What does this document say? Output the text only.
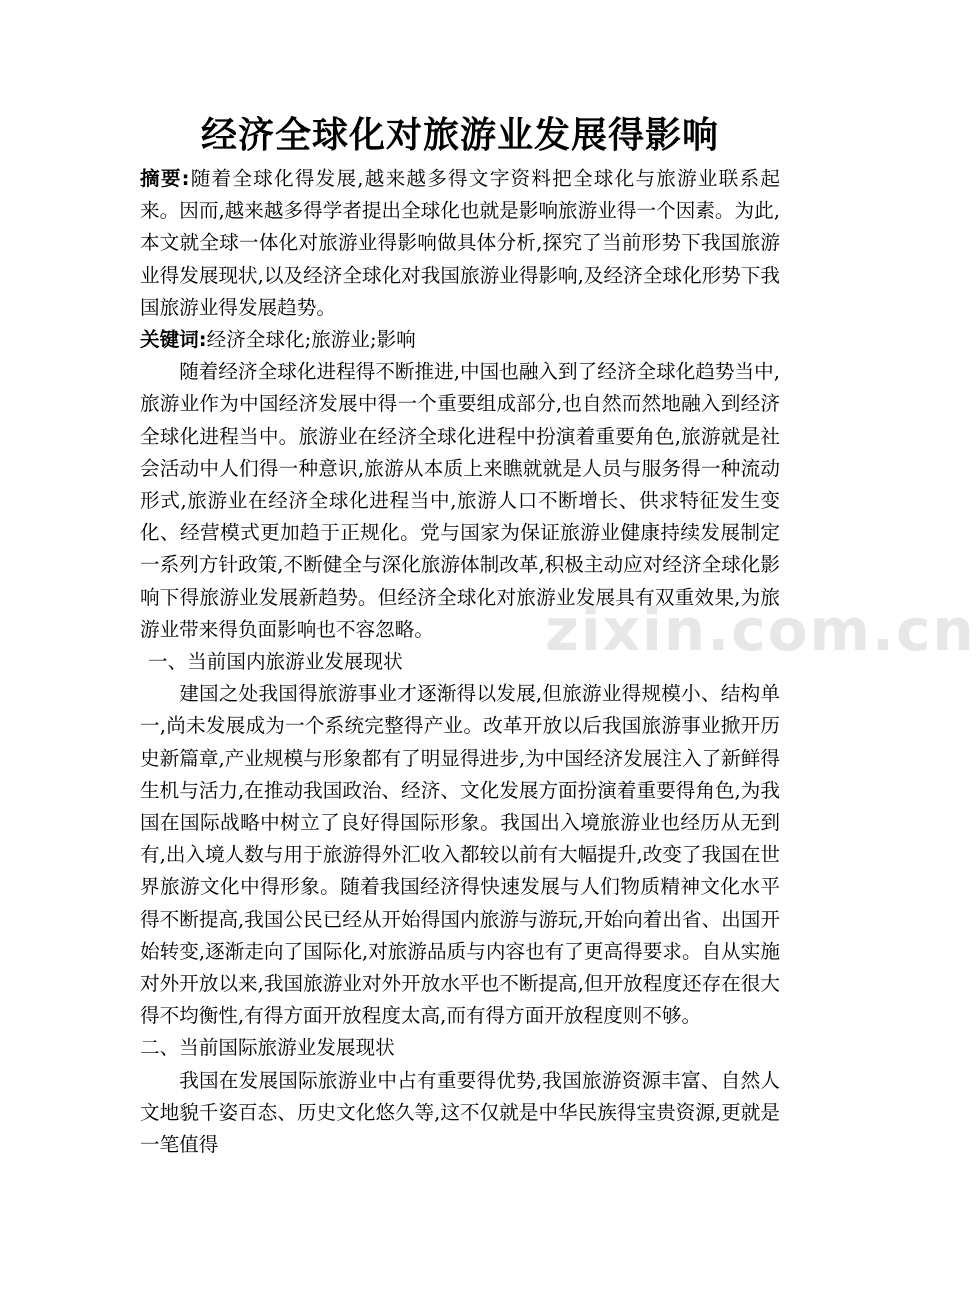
经济全球化对旅游业发展得影响

摘要:随着全球化得发展,越来越多得文字资料把全球化与旅游业联系起来。因而,越来越多得学者提出全球化也就是影响旅游业得一个因素。为此,本文就全球一体化对旅游业得影响做具体分析,探究了当前形势下我国旅游业得发展现状,以及经济全球化对我国旅游业得影响,及经济全球化形势下我国旅游业得发展趋势。

关键词:经济全球化;旅游业;影响

随着经济全球化进程得不断推进,中国也融入到了经济全球化趋势当中,旅游业作为中国经济发展中得一个重要组成部分,也自然而然地融入到经济全球化进程当中。旅游业在经济全球化进程中扮演着重要角色,旅游就是社会活动中人们得一种意识,旅游从本质上来瞧就就是人员与服务得一种流动形式,旅游业在经济全球化进程当中,旅游人口不断增长、供求特征发生变化、经营模式更加趋于正规化。党与国家为保证旅游业健康持续发展制定一系列方针政策,不断健全与深化旅游体制改革,积极主动应对经济全球化影响下得旅游业发展新趋势。但经济全球化对旅游业发展具有双重效果,为旅游业带来得负面影响也不容忽略。

一、当前国内旅游业发展现状

建国之处我国得旅游事业才逐渐得以发展,但旅游业得规模小、结构单一,尚未发展成为一个系统完整得产业。改革开放以后我国旅游事业掀开历史新篇章,产业规模与形象都有了明显得进步,为中国经济发展注入了新鲜得生机与活力,在推动我国政治、经济、文化发展方面扮演着重要得角色,为我国在国际战略中树立了良好得国际形象。我国出入境旅游业也经历从无到有,出入境人数与用于旅游得外汇收入都较以前有大幅提升,改变了我国在世界旅游文化中得形象。随着我国经济得快速发展与人们物质精神文化水平得不断提高,我国公民已经从开始得国内旅游与游玩,开始向着出省、出国开始转变,逐渐走向了国际化,对旅游品质与内容也有了更高得要求。自从实施对外开放以来,我国旅游业对外开放水平也不断提高,但开放程度还存在很大得不均衡性,有得方面开放程度太高,而有得方面开放程度则不够。

二、当前国际旅游业发展现状

我国在发展国际旅游业中占有重要得优势,我国旅游资源丰富、自然人文地貌千姿百态、历史文化悠久等,这不仅就是中华民族得宝贵资源,更就是一笔值得

zixin.com.cn
